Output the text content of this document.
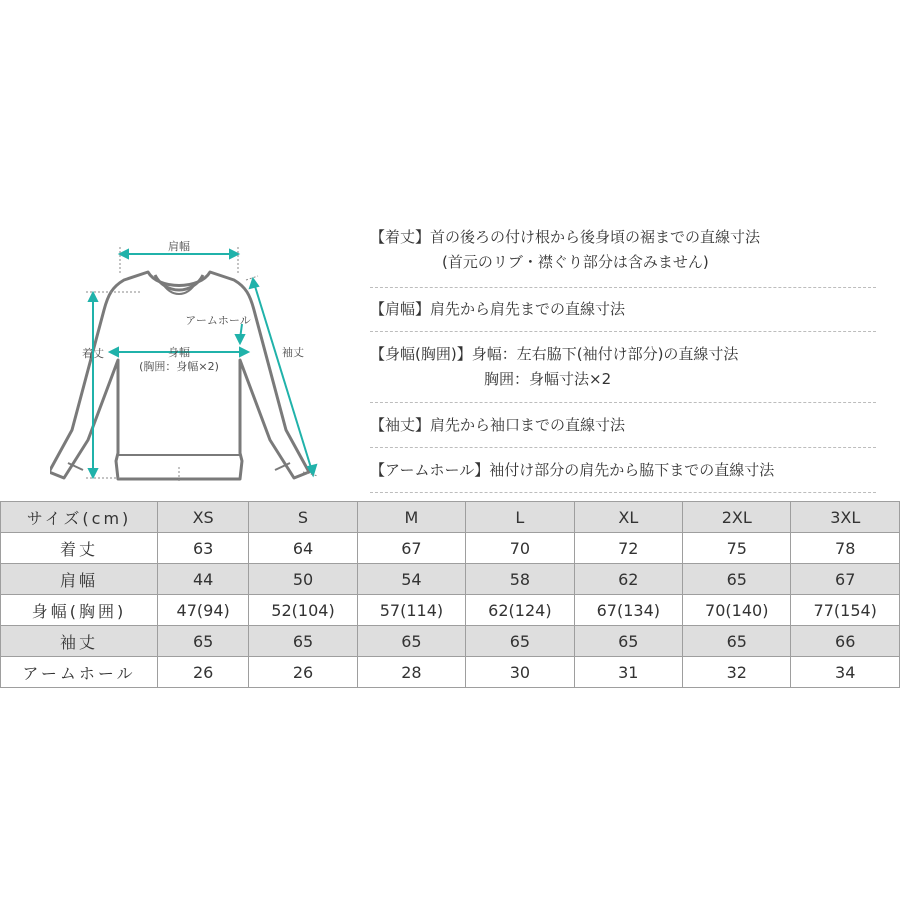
肩幅
アームホール
着丈	袖丈
身幅
(胸囲：身幅×2)
【着丈】首の後ろの付け根から後身頃の裾までの直線寸法
(首元のリブ・襟ぐり部分は含みません)
【肩幅】肩先から肩先までの直線寸法
【身幅(胸囲)】身幅：左右脇下(袖付け部分)の直線寸法
胸囲：身幅寸法×2
【袖丈】肩先から袖口までの直線寸法
【アームホール】袖付け部分の肩先から脇下までの直線寸法
サイズ(cm)	XS	S	M	L	XL	2XL	3XL
着丈	63	64	67	70	72	75	78
肩幅	44	50	54	58	62	65	67
身幅(胸囲)	47(94)	52(104)	57(114)	62(124)	67(134)	70(140)	77(154)
袖丈	65	65	65	65	65	65	66
アームホール	26	26	28	30	31	32	34
